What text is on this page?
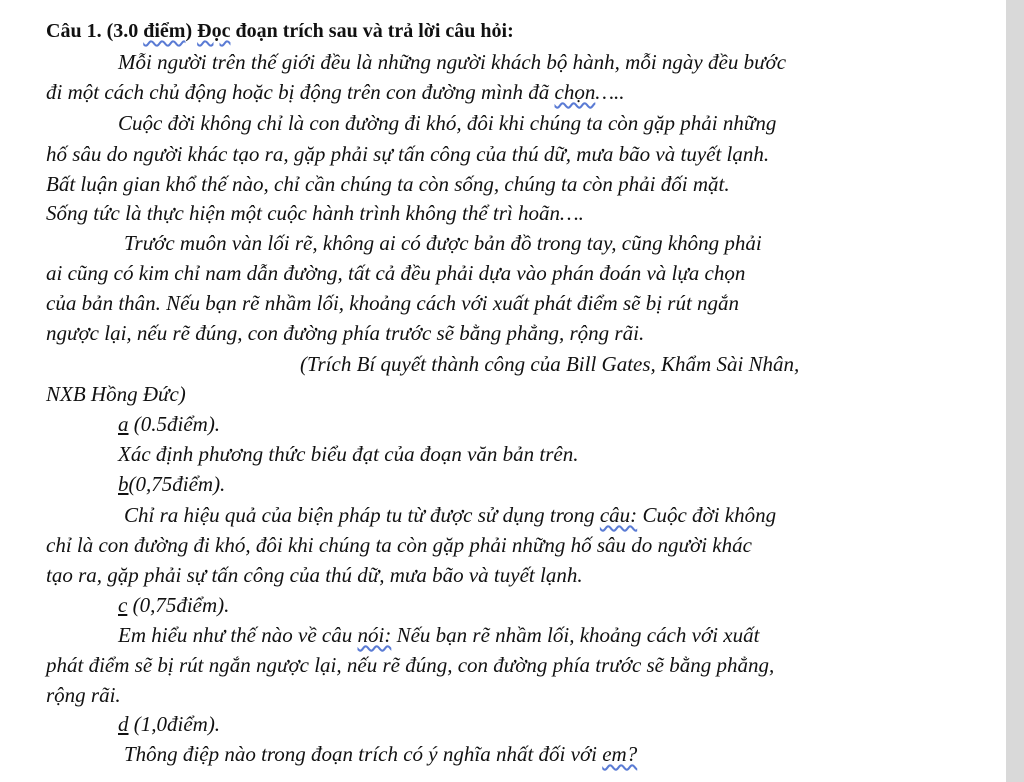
Câu 1. (3.0 điểm) Đọc đoạn trích sau và trả lời câu hỏi:
Mỗi người trên thế giới đều là những người khách bộ hành, mỗi ngày đều bước
đi một cách chủ động hoặc bị động trên con đường mình đã chọn…..
Cuộc đời không chỉ là con đường đi khó, đôi khi chúng ta còn gặp phải những
hố sâu do người khác tạo ra, gặp phải sự tấn công của thú dữ, mưa bão và tuyết lạnh.
Bất luận gian khổ thế nào, chỉ cần chúng ta còn sống, chúng ta còn phải đối mặt.
Sống tức là thực hiện một cuộc hành trình không thể trì hoãn….
Trước muôn vàn lối rẽ, không ai có được bản đồ trong tay, cũng không phải
ai cũng có kim chỉ nam dẫn đường, tất cả đều phải dựa vào phán đoán và lựa chọn
của bản thân. Nếu bạn rẽ nhầm lối, khoảng cách với xuất phát điểm sẽ bị rút ngắn
ngược lại, nếu rẽ đúng, con đường phía trước sẽ bằng phẳng, rộng rãi.
(Trích Bí quyết thành công của Bill Gates, Khẩm Sài Nhân,
NXB Hồng Đức)
a (0.5điểm).
Xác định phương thức biểu đạt của đoạn văn bản trên.
b(0,75điểm).
Chỉ ra hiệu quả của biện pháp tu từ được sử dụng trong câu: Cuộc đời không
chỉ là con đường đi khó, đôi khi chúng ta còn gặp phải những hố sâu do người khác
tạo ra, gặp phải sự tấn công của thú dữ, mưa bão và tuyết lạnh.
c (0,75điểm).
Em hiểu như thế nào về câu nói: Nếu bạn rẽ nhầm lối, khoảng cách với xuất
phát điểm sẽ bị rút ngắn ngược lại, nếu rẽ đúng, con đường phía trước sẽ bằng phẳng,
rộng rãi.
d (1,0điểm).
Thông điệp nào trong đoạn trích có ý nghĩa nhất đối với em?
